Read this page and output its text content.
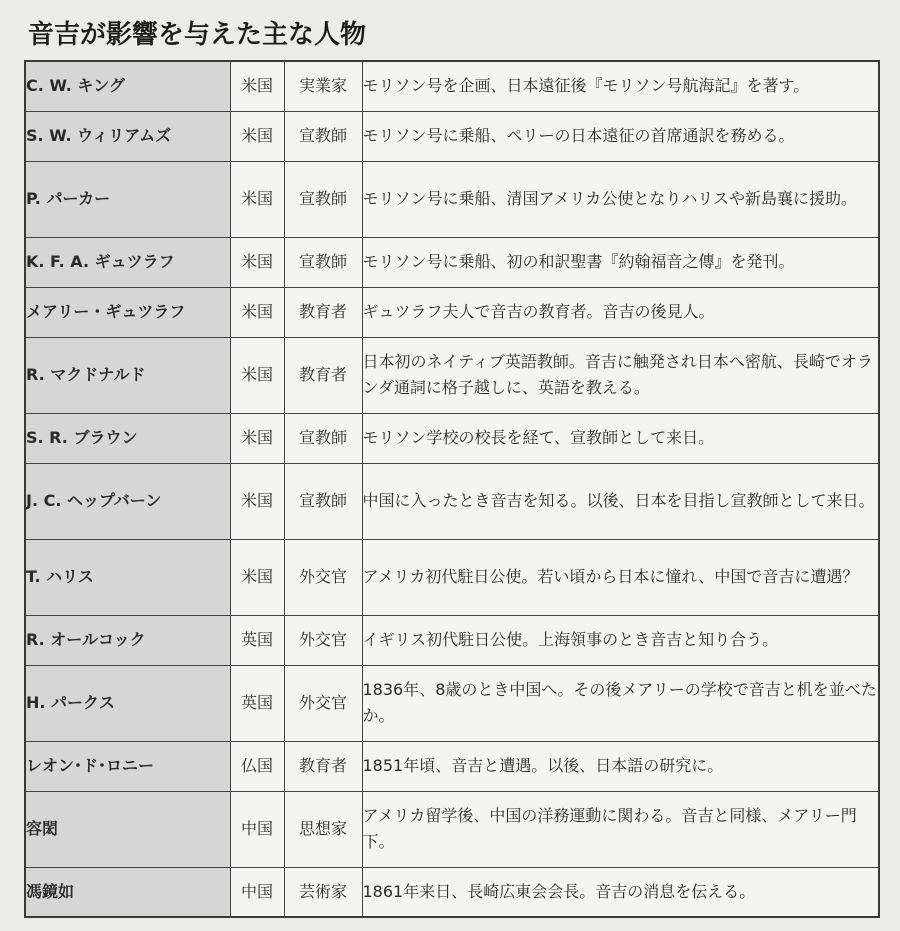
音吉が影響を与えた主な人物
C. W. キング	米国	実業家	モリソン号を企画、日本遠征後『モリソン号航海記』を著す。
S. W. ウィリアムズ	米国	宣教師	モリソン号に乗船、ペリーの日本遠征の首席通訳を務める。
P. パーカー	米国	宣教師	モリソン号に乗船、清国アメリカ公使となりハリスや新島襄に援助。
K. F. A. ギュツラフ	米国	宣教師	モリソン号に乗船、初の和訳聖書『約翰福音之傳』を発刊。
メアリー・ギュツラフ	米国	教育者	ギュツラフ夫人で音吉の教育者。音吉の後見人。
R. マクドナルド	米国	教育者	日本初のネイティブ英語教師。音吉に触発され日本へ密航、長崎でオランダ通詞に格子越しに、英語を教える。
S. R. ブラウン	米国	宣教師	モリソン学校の校長を経て、宣教師として来日。
J. C. ヘップバーン	米国	宣教師	中国に入ったとき音吉を知る。以後、日本を目指し宣教師として来日。
T. ハリス	米国	外交官	アメリカ初代駐日公使。若い頃から日本に憧れ、中国で音吉に遭遇？
R. オールコック	英国	外交官	イギリス初代駐日公使。上海領事のとき音吉と知り合う。
H. パークス	英国	外交官	1836年、8歳のとき中国へ。その後メアリーの学校で音吉と机を並べたか。
レオン･ド･ロニー	仏国	教育者	1851年頃、音吉と遭遇。以後、日本語の研究に。
容閎	中国	思想家	アメリカ留学後、中国の洋務運動に関わる。音吉と同様、メアリー門下。
馮鏡如	中国	芸術家	1861年来日、長崎広東会会長。音吉の消息を伝える。
